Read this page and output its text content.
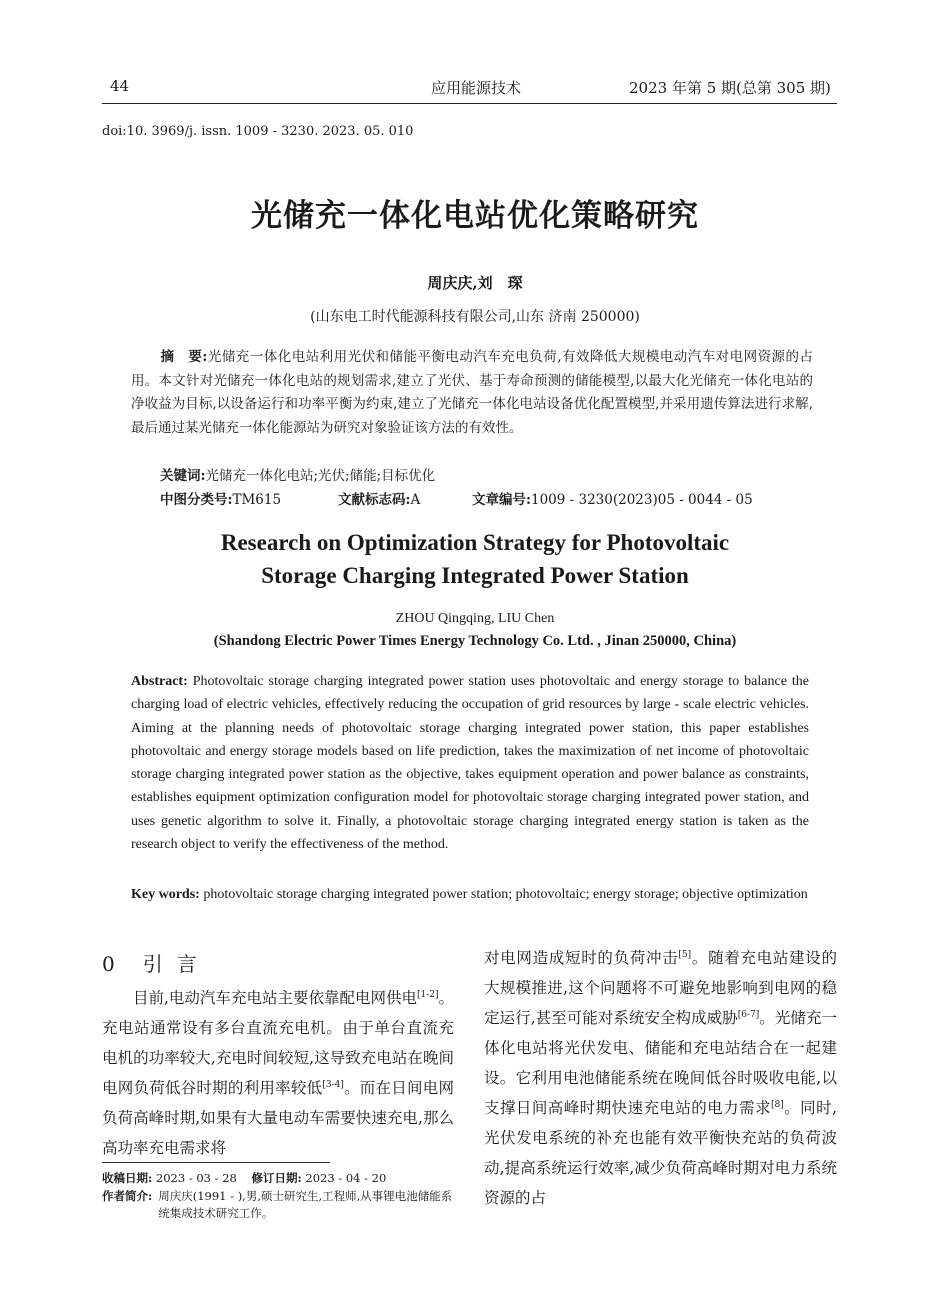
44	应用能源技术	2023 年第 5 期(总第 305 期)
doi:10. 3969/j. issn. 1009 - 3230. 2023. 05. 010
光储充一体化电站优化策略研究
周庆庆,刘　琛
(山东电工时代能源科技有限公司,山东 济南 250000)
摘　要:光储充一体化电站利用光伏和储能平衡电动汽车充电负荷,有效降低大规模电动汽车对电网资源的占用。本文针对光储充一体化电站的规划需求,建立了光伏、基于寿命预测的储能模型,以最大化光储充一体化电站的净收益为目标,以设备运行和功率平衡为约束,建立了光储充一体化电站设备优化配置模型,并采用遗传算法进行求解,最后通过某光储充一体化能源站为研究对象验证该方法的有效性。
关键词:光储充一体化电站;光伏;储能;目标优化
中图分类号:TM615	文献标志码:A	文章编号:1009 - 3230(2023)05 - 0044 - 05
Research on Optimization Strategy for Photovoltaic
Storage Charging Integrated Power Station
ZHOU Qingqing, LIU Chen
(Shandong Electric Power Times Energy Technology Co. Ltd. , Jinan 250000, China)
Abstract: Photovoltaic storage charging integrated power station uses photovoltaic and energy storage to balance the charging load of electric vehicles, effectively reducing the occupation of grid resources by large - scale electric vehicles. Aiming at the planning needs of photovoltaic storage charging integrated power station, this paper establishes photovoltaic and energy storage models based on life prediction, takes the maximization of net income of photovoltaic storage charging integrated power station as the objective, takes equipment operation and power balance as constraints, establishes equipment optimization configuration model for photovoltaic storage charging integrated power station, and uses genetic algorithm to solve it. Finally, a photovoltaic storage charging integrated energy station is taken as the research object to verify the effectiveness of the method.
Key words: photovoltaic storage charging integrated power station; photovoltaic; energy storage; objective optimization
0 引言
目前,电动汽车充电站主要依靠配电网供电[1-2]。充电站通常设有多台直流充电机。由于单台直流充电机的功率较大,充电时间较短,这导致充电站在晚间电网负荷低谷时期的利用率较低[3-4]。而在日间电网负荷高峰时期,如果有大量电动车需要快速充电,那么高功率充电需求将
对电网造成短时的负荷冲击[5]。随着充电站建设的大规模推进,这个问题将不可避免地影响到电网的稳定运行,甚至可能对系统安全构成威胁[6-7]。光储充一体化电站将光伏发电、储能和充电站结合在一起建设。它利用电池储能系统在晚间低谷时吸收电能,以支撑日间高峰时期快速充电站的电力需求[8]。同时,光伏发电系统的补充也能有效平衡快充站的负荷波动,提高系统运行效率,减少负荷高峰时期对电力系统资源的占
收稿日期: 2023 - 03 - 28 修订日期: 2023 - 04 - 20
作者简介: 周庆庆(1991 - ),男,硕士研究生,工程师,从事锂电池储能系统集成技术研究工作。
